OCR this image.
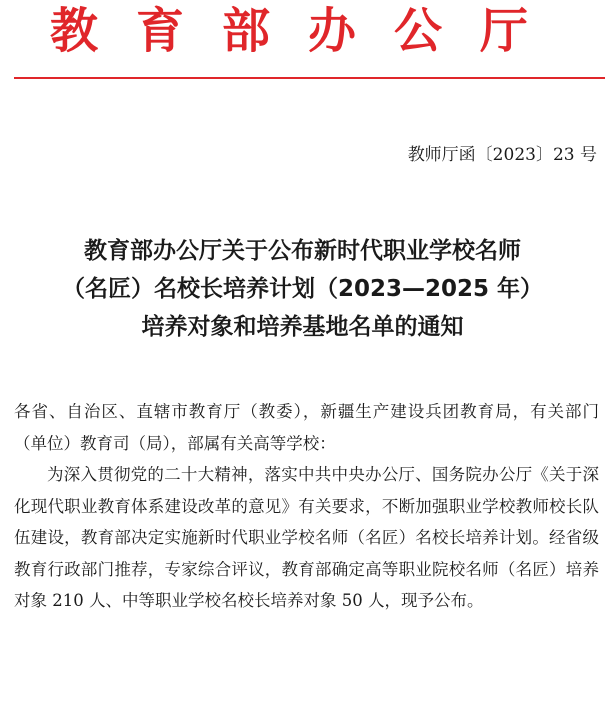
教育部办公厅
教师厅函〔2023〕23 号
教育部办公厅关于公布新时代职业学校名师
（名匠）名校长培养计划（2023—2025 年）
培养对象和培养基地名单的通知

各省、自治区、直辖市教育厅（教委），新疆生产建设兵团教育局，有关部门（单位）教育司（局），部属有关高等学校：

为深入贯彻党的二十大精神，落实中共中央办公厅、国务院办公厅《关于深化现代职业教育体系建设改革的意见》有关要求，不断加强职业学校教师校长队伍建设，教育部决定实施新时代职业学校名师（名匠）名校长培养计划。经省级教育行政部门推荐，专家综合评议，教育部确定高等职业院校名师（名匠）培养对象 210 人、中等职业学校名校长培养对象 50 人，现予公布。
